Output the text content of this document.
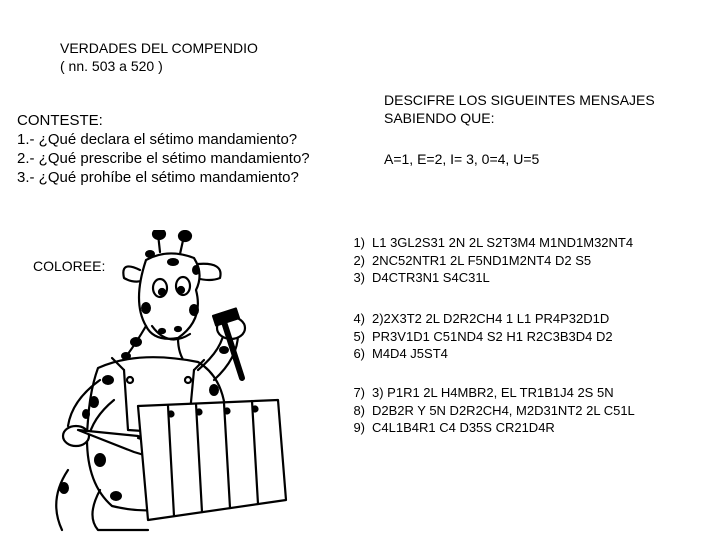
VERDADES DEL COMPENDIO
( nn. 503 a 520 )
CONTESTE:
1.- ¿Qué declara el sétimo mandamiento?
2.- ¿Qué prescribe el sétimo mandamiento?
3.- ¿Qué prohíbe el sétimo mandamiento?
DESCIFRE LOS SIGUEINTES MENSAJES
SABIENDO QUE:
A=1, E=2, I= 3, 0=4, U=5
COLOREE:
1) L1 3GL2S31 2N 2L S2T3M4 M1ND1M32NT4
2) 2NC52NTR1 2L F5ND1M2NT4 D2 S5
3) D4CTR3N1 S4C31L
4) 2)2X3T2 2L D2R2CH4 1 L1 PR4P32D1D
5) PR3V1D1 C51ND4 S2 H1 R2C3B3D4 D2
6) M4D4 J5ST4
7) 3) P1R1 2L H4MBR2, EL TR1B1J4 2S 5N
8) D2B2R Y 5N D2R2CH4, M2D31NT2 2L C51L
9) C4L1B4R1 C4 D35S CR21D4R
